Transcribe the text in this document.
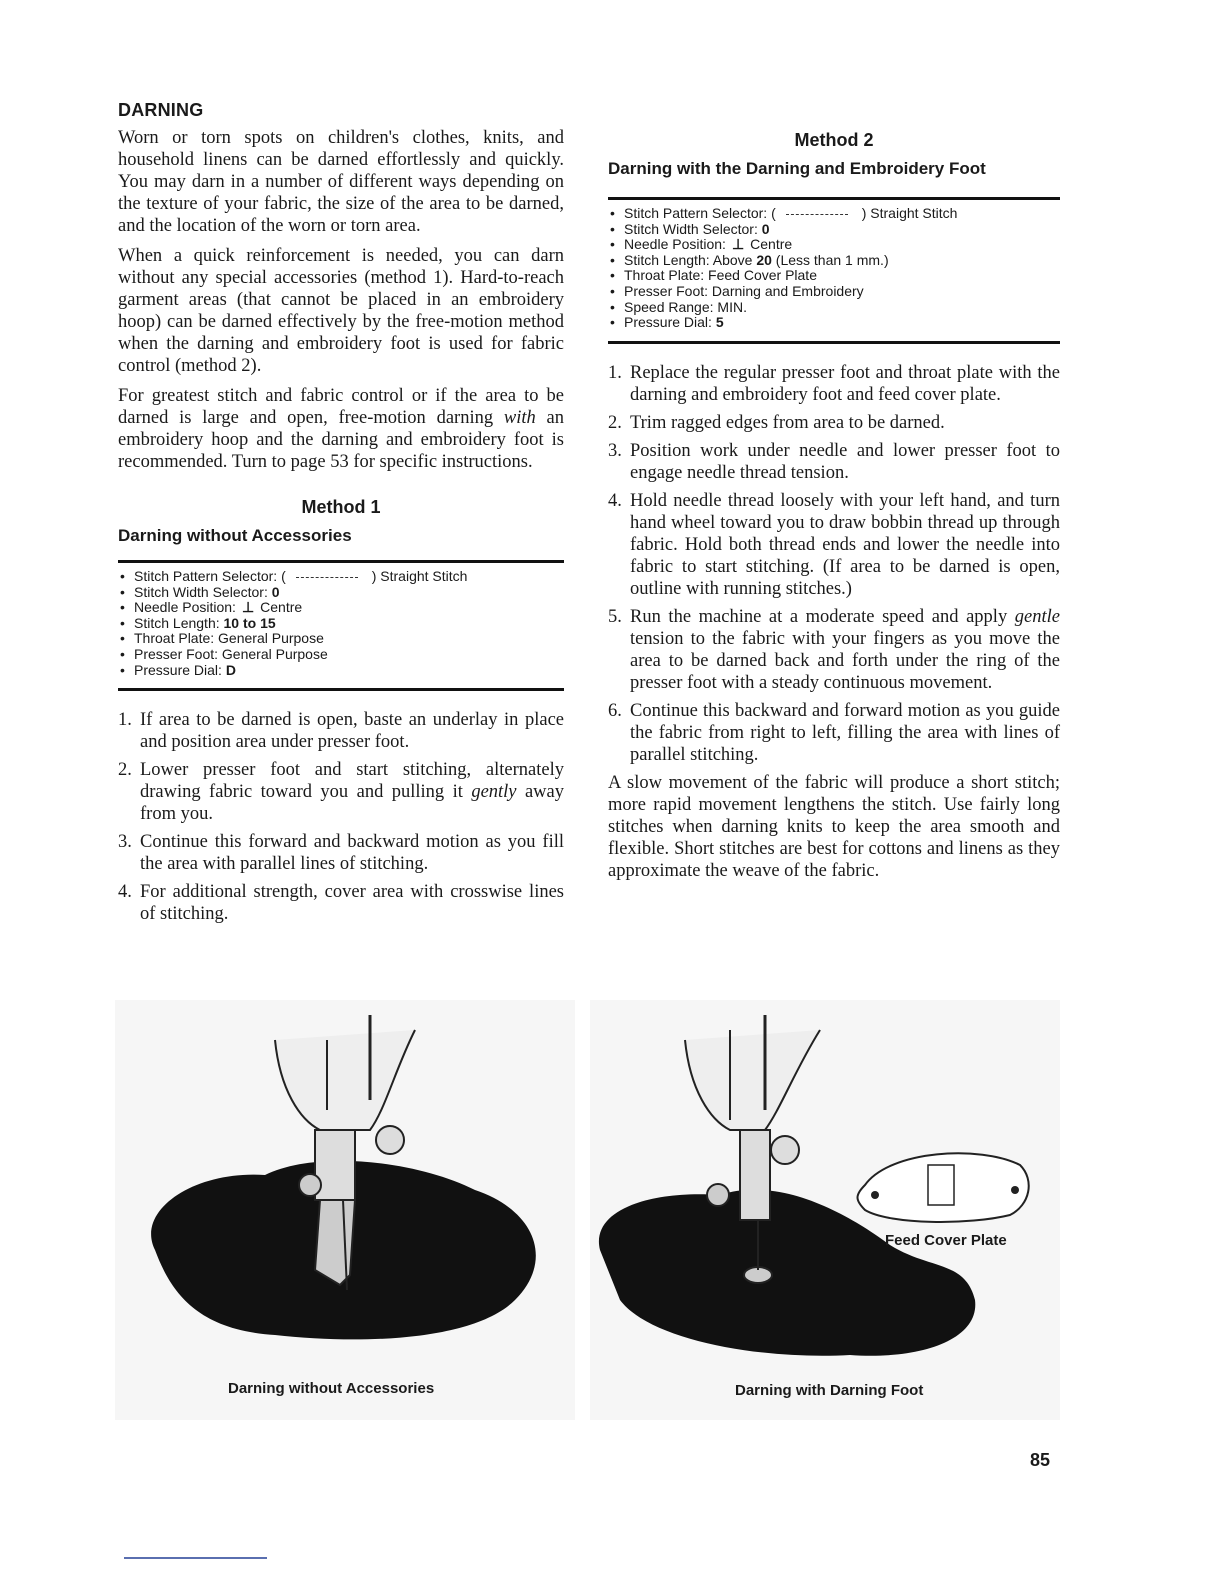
DARNING

Worn or torn spots on children's clothes, knits, and household linens can be darned effortlessly and quickly. You may darn in a number of different ways depending on the texture of your fabric, the size of the area to be darned, and the location of the worn or torn area.

When a quick reinforcement is needed, you can darn without any special accessories (method 1). Hard-to-reach garment areas (that cannot be placed in an embroidery hoop) can be darned effectively by the free-motion method when the darning and embroidery foot is used for fabric control (method 2).

For greatest stitch and fabric control or if the area to be darned is large and open, free-motion darning with an embroidery hoop and the darning and embroidery foot is recommended. Turn to page 53 for specific instructions.

Method 1
Darning without Accessories
• Stitch Pattern Selector: (	) Straight Stitch
• Stitch Width Selector: 0
• Needle Position: ⊥ Centre
• Stitch Length: 10 to 15
• Throat Plate: General Purpose
• Presser Foot: General Purpose
• Pressure Dial: D
1. If area to be darned is open, baste an underlay in place and position area under presser foot.
2. Lower presser foot and start stitching, alternately drawing fabric toward you and pulling it gently away from you.
3. Continue this forward and backward motion as you fill the area with parallel lines of stitching.
4. For additional strength, cover area with crosswise lines of stitching.
Method 2
Darning with the Darning and Embroidery Foot
• Stitch Pattern Selector: (	) Straight Stitch
• Stitch Width Selector: 0
• Needle Position: ⊥ Centre
• Stitch Length: Above 20 (Less than 1 mm.)
• Throat Plate: Feed Cover Plate
• Presser Foot: Darning and Embroidery
• Speed Range: MIN.
• Pressure Dial: 5
1. Replace the regular presser foot and throat plate with the darning and embroidery foot and feed cover plate.
2. Trim ragged edges from area to be darned.
3. Position work under needle and lower presser foot to engage needle thread tension.
4. Hold needle thread loosely with your left hand, and turn hand wheel toward you to draw bobbin thread up through fabric. Hold both thread ends and lower the needle into fabric to start stitching. (If area to be darned is open, outline with running stitches.)
5. Run the machine at a moderate speed and apply gentle tension to the fabric with your fingers as you move the area to be darned back and forth under the ring of the presser foot with a steady continuous movement.
6. Continue this backward and forward motion as you guide the fabric from right to left, filling the area with lines of parallel stitching.

A slow movement of the fabric will produce a short stitch; more rapid movement lengthens the stitch. Use fairly long stitches when darning knits to keep the area smooth and flexible. Short stitches are best for cottons and linens as they approximate the weave of the fabric.

Darning without Accessories
Feed Cover Plate
Darning with Darning Foot
85
